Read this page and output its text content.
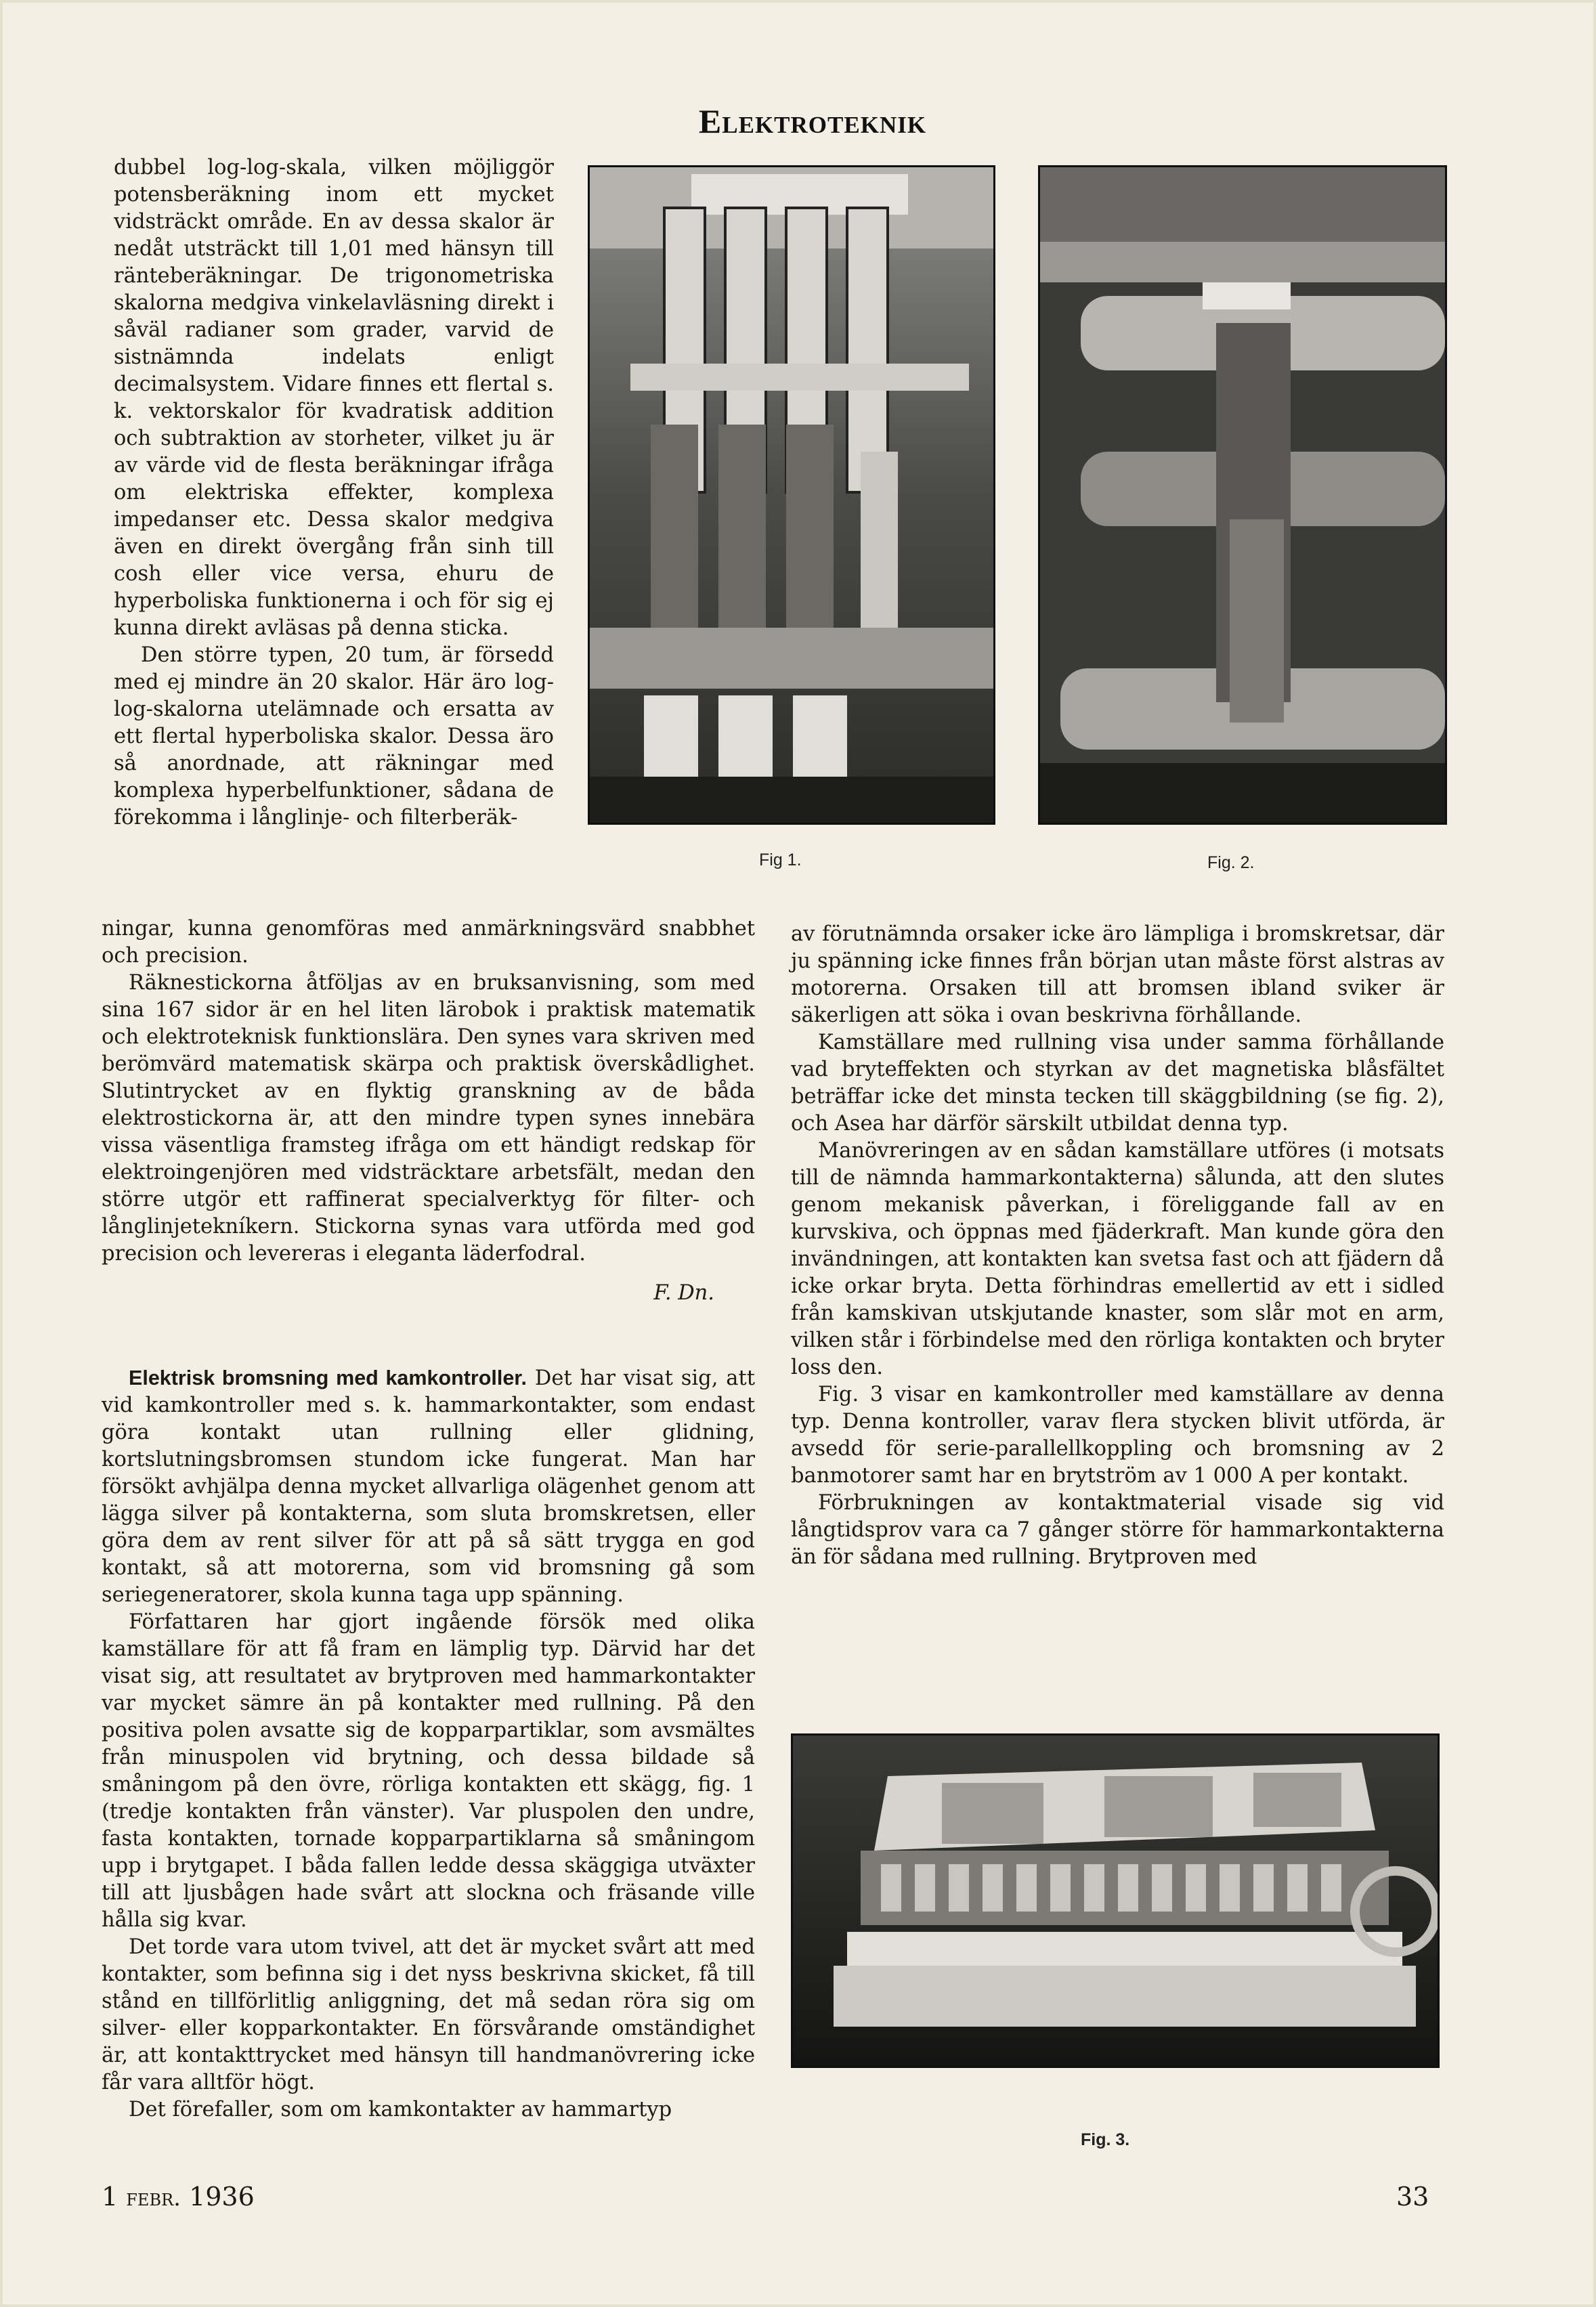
Elektroteknik

dubbel log-log-skala, vilken möjliggör potensberäkning inom ett mycket vidsträckt område. En av dessa skalor är nedåt utsträckt till 1,01 med hänsyn till ränteberäkningar. De trigonometriska skalorna medgiva vinkelavläsning direkt i såväl radianer som grader, varvid de sistnämnda indelats enligt decimalsystem. Vidare finnes ett flertal s. k. vektorskalor för kvadratisk addition och subtraktion av storheter, vilket ju är av värde vid de flesta beräkningar ifråga om elektriska effekter, komplexa impedanser etc. Dessa skalor medgiva även en direkt övergång från sinh till cosh eller vice versa, ehuru de hyperboliska funktionerna i och för sig ej kunna direkt avläsas på denna sticka.

Den större typen, 20 tum, är försedd med ej mindre än 20 skalor. Här äro log-log-skalorna utelämnade och ersatta av ett flertal hyperboliska skalor. Dessa äro så anordnade, att räkningar med komplexa hyperbelfunktioner, sådana de förekomma i långlinje- och filterberäk-

Fig 1.	Fig. 2.

ningar, kunna genomföras med anmärkningsvärd snabbhet och precision.

Räknestickorna åtföljas av en bruksanvisning, som med sina 167 sidor är en hel liten lärobok i praktisk matematik och elektroteknisk funktionslära. Den synes vara skriven med berömvärd matematisk skärpa och praktisk överskådlighet. Slutintrycket av en flyktig granskning av de båda elektrostickorna är, att den mindre typen synes innebära vissa väsentliga framsteg ifråga om ett händigt redskap för elektroingenjören med vidsträcktare arbetsfält, medan den större utgör ett raffinerat specialverktyg för filter- och långlinjetekníkern. Stickorna synas vara utförda med god precision och levereras i eleganta läderfodral.

F. Dn.

Elektrisk bromsning med kamkontroller. Det har visat sig, att vid kamkontroller med s. k. hammarkontakter, som endast göra kontakt utan rullning eller glidning, kortslutningsbromsen stundom icke fungerat. Man har försökt avhjälpa denna mycket allvarliga olägenhet genom att lägga silver på kontakterna, som sluta bromskretsen, eller göra dem av rent silver för att på så sätt trygga en god kontakt, så att motorerna, som vid bromsning gå som seriegeneratorer, skola kunna taga upp spänning.

Författaren har gjort ingående försök med olika kamställare för att få fram en lämplig typ. Därvid har det visat sig, att resultatet av brytproven med hammarkontakter var mycket sämre än på kontakter med rullning. På den positiva polen avsatte sig de kopparpartiklar, som avsmältes från minuspolen vid brytning, och dessa bildade så småningom på den övre, rörliga kontakten ett skägg, fig. 1 (tredje kontakten från vänster). Var pluspolen den undre, fasta kontakten, tornade kopparpartiklarna så småningom upp i brytgapet. I båda fallen ledde dessa skäggiga utväxter till att ljusbågen hade svårt att slockna och fräsande ville hålla sig kvar.

Det torde vara utom tvivel, att det är mycket svårt att med kontakter, som befinna sig i det nyss beskrivna skicket, få till stånd en tillförlitlig anliggning, det må sedan röra sig om silver- eller kopparkontakter. En försvårande omständighet är, att kontakttrycket med hänsyn till handmanövrering icke får vara alltför högt.

Det förefaller, som om kamkontakter av hammartyp

av förutnämnda orsaker icke äro lämpliga i bromskretsar, där ju spänning icke finnes från början utan måste först alstras av motorerna. Orsaken till att bromsen ibland sviker är säkerligen att söka i ovan beskrivna förhållande.

Kamställare med rullning visa under samma förhållande vad bryteffekten och styrkan av det magnetiska blåsfältet beträffar icke det minsta tecken till skäggbildning (se fig. 2), och Asea har därför särskilt utbildat denna typ.

Manövreringen av en sådan kamställare utföres (i motsats till de nämnda hammarkontakterna) sålunda, att den slutes genom mekanisk påverkan, i föreliggande fall av en kurvskiva, och öppnas med fjäderkraft. Man kunde göra den invändningen, att kontakten kan svetsa fast och att fjädern då icke orkar bryta. Detta förhindras emellertid av ett i sidled från kamskivan utskjutande knaster, som slår mot en arm, vilken står i förbindelse med den rörliga kontakten och bryter loss den.

Fig. 3 visar en kamkontroller med kamställare av denna typ. Denna kontroller, varav flera stycken blivit utförda, är avsedd för serie-parallellkoppling och bromsning av 2 banmotorer samt har en brytström av 1 000 A per kontakt.

Förbrukningen av kontaktmaterial visade sig vid långtidsprov vara ca 7 gånger större för hammarkontakterna än för sådana med rullning. Brytproven med

Fig. 3.
1 febr. 1936	33
